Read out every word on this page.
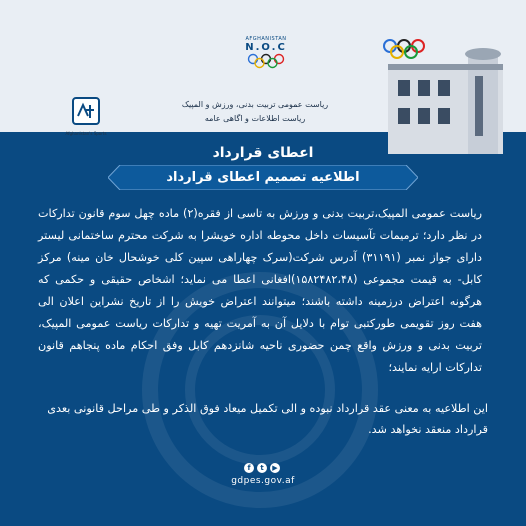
AFGHANISTAN
N.O.C
Afghanistan's Sports
ریاست عمومی تربیت بدنی، ورزش و المپیک
ریاست اطلاعات و اگاهی عامه
اعطای قرارداد
اطلاعیه تصمیم اعطای قرارداد
ریاست عمومی المپیک،تربیت بدنی و ورزش به تاسی از فقره(۲) ماده چهل سوم قانون تدارکات در نظر دارد؛ ترمیمات تآسیسات داخل محوطه اداره خویشرا به شرکت محترم ساختمانی لیستر دارای جواز نمبر (۳۱۱۹۱) آدرس شرکت(سرک چهاراهی سپین کلی خوشحال خان مینه) مرکز کابل- به قیمت مجموعی (۱۵۸۲۴۸۲،۴۸)افغانی اعطا می نماید؛ اشخاص حقیقی و حکمی که هرگونه اعتراض درزمینه داشته باشند؛ میتوانند اعتراض خویش را از تاریخ نشراین اعلان الی هفت روز تقویمی طورکتبی توام با دلایل آن به آمریت تهیه و تدارکات ریاست عمومی المپیک، تربیت بدنی و ورزش واقع چمن حضوری ناحیه شانزدهم کابل وفق احکام ماده پنجاهم قانون تدارکات ارایه نمایند؛
این اطلاعیه به معنی عقد قرارداد نبوده و الی تکمیل میعاد فوق الذکر و طی مراحل قانونی بعدی قرارداد منعقد نخواهد شد.
f	t	▶
gdpes.gov.af
